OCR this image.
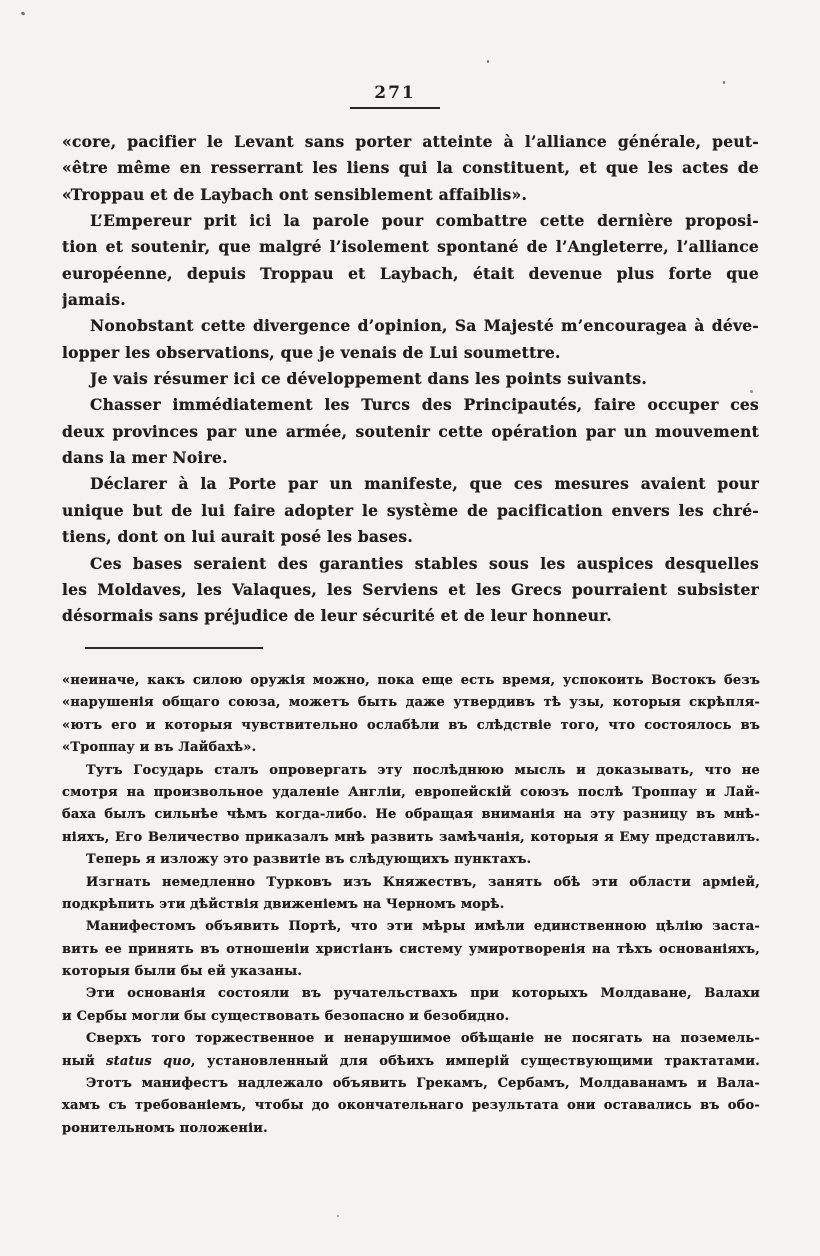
271
«core, pacifier le Levant sans porter atteinte à l’alliance générale, peut-
«être même en resserrant les liens qui la constituent, et que les actes de
«Troppau et de Laybach ont sensiblement affaiblis».
L’Empereur prit ici la parole pour combattre cette dernière proposi-
tion et soutenir, que malgré l’isolement spontané de l’Angleterre, l’alliance
européenne, depuis Troppau et Laybach, était devenue plus forte que
jamais.
Nonobstant cette divergence d’opinion, Sa Majesté m’encouragea à déve-
lopper les observations, que je venais de Lui soumettre.
Je vais résumer ici ce développement dans les points suivants.
Chasser immédiatement les Turcs des Principautés, faire occuper ces
deux provinces par une armée, soutenir cette opération par un mouvement
dans la mer Noire.
Déclarer à la Porte par un manifeste, que ces mesures avaient pour
unique but de lui faire adopter le système de pacification envers les chré-
tiens, dont on lui aurait posé les bases.
Ces bases seraient des garanties stables sous les auspices desquelles
les Moldaves, les Valaques, les Serviens et les Grecs pourraient subsister
désormais sans préjudice de leur sécurité et de leur honneur.
«неиначе, какъ силою оружія можно, пока еще есть время, успокоить Востокъ безъ
«нарушенія общаго союза, можетъ быть даже утвердивъ тѣ узы, которыя скрѣпля-
«ютъ его и которыя чувствительно ослабѣли въ слѣдствіе того, что состоялось въ
«Троппау и въ Лайбахѣ».
Тутъ Государь сталъ опровергать эту послѣднюю мысль и доказывать, что не
смотря на произвольное удаленіе Англіи, европейскій союзъ послѣ Троппау и Лай-
баха былъ сильнѣе чѣмъ когда-либо. Не обращая вниманія на эту разницу въ мнѣ-
ніяхъ, Его Величество приказалъ мнѣ развить замѣчанія, которыя я Ему представилъ.
Теперь я изложу это развитіе въ слѣдующихъ пунктахъ.
Изгнать немедленно Турковъ изъ Княжествъ, занять обѣ эти области арміей,
подкрѣпить эти дѣйствія движеніемъ на Черномъ морѣ.
Манифестомъ объявить Портѣ, что эти мѣры имѣли единственною цѣлію заста-
вить ее принять въ отношеніи христіанъ систему умиротворенія на тѣхъ основаніяхъ,
которыя были бы ей указаны.
Эти основанія состояли въ ручательствахъ при которыхъ Молдаване, Валахи
и Сербы могли бы существовать безопасно и безобидно.
Сверхъ того торжественное и ненарушимое обѣщаніе не посягать на поземель-
ный status quo, установленный для обѣихъ имперій существующими трактатами.
Этотъ манифестъ надлежало объявить Грекамъ, Сербамъ, Молдаванамъ и Вала-
хамъ съ требованіемъ, чтобы до окончательнаго результата они оставались въ обо-
ронительномъ положеніи.
